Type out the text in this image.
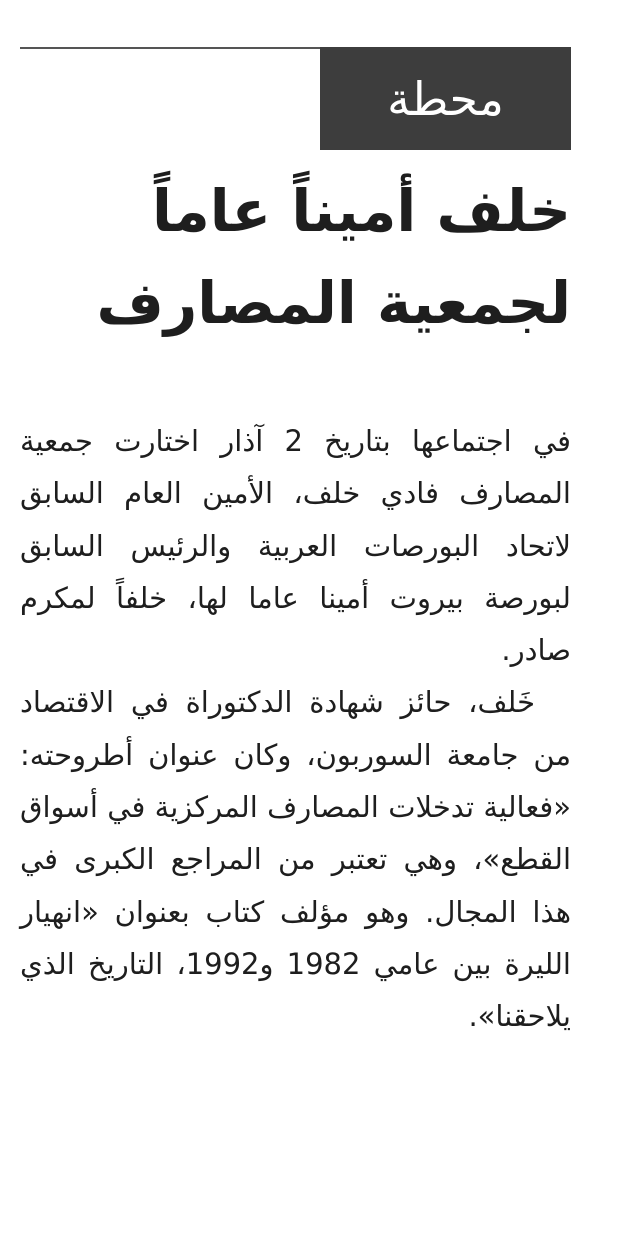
محطة
خلف أميناً عاماً لجمعية المصارف

في اجتماعها بتاريخ 2 آذار اختارت جمعية المصارف فادي خلف، الأمين العام السابق لاتحاد البورصات العربية والرئيس السابق لبورصة بيروت أمينا عاما لها، خلفاً لمكرم صادر.

خَلف، حائز شهادة الدكتوراة في الاقتصاد من جامعة السوربون، وكان عنوان أطروحته: «فعالية تدخلات المصارف المركزية في أسواق القطع»، وهي تعتبر من المراجع الكبرى في هذا المجال. وهو مؤلف كتاب بعنوان «انهيار الليرة بين عامي 1982 و1992، التاريخ الذي يلاحقنا».
